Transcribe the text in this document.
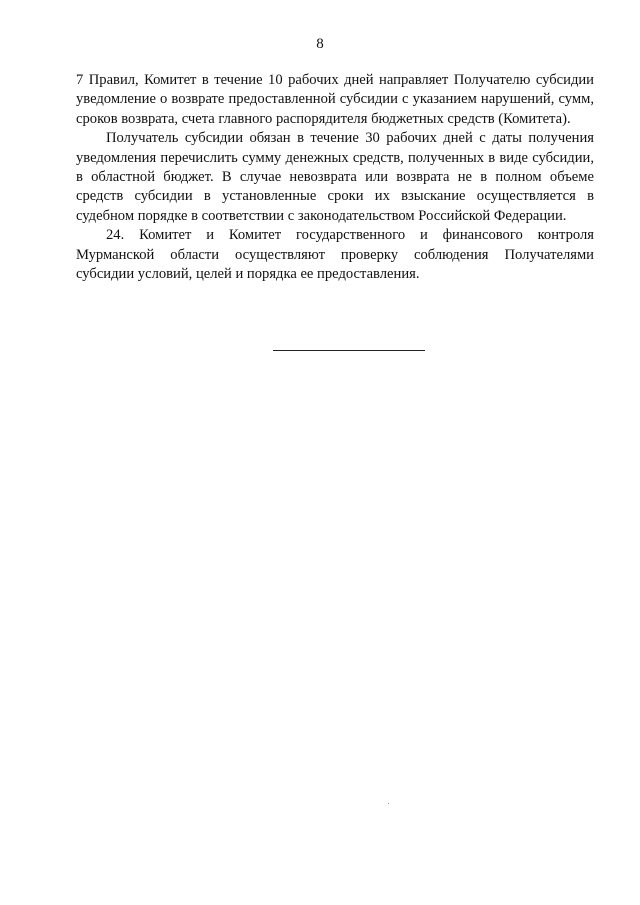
8

7 Правил, Комитет в течение 10 рабочих дней направляет Получателю субсидии уведомление о возврате предоставленной субсидии с указанием нарушений, сумм, сроков возврата, счета главного распорядителя бюджетных средств (Комитета).

Получатель субсидии обязан в течение 30 рабочих дней с даты получения уведомления перечислить сумму денежных средств, полученных в виде субсидии, в областной бюджет. В случае невозврата или возврата не в полном объеме средств субсидии в установленные сроки их взыскание осуществляется в судебном порядке в соответствии с законодательством Российской Федерации.

24. Комитет и Комитет государственного и финансового контроля Мурманской области осуществляют проверку соблюдения Получателями субсидии условий, целей и порядка ее предоставления.
